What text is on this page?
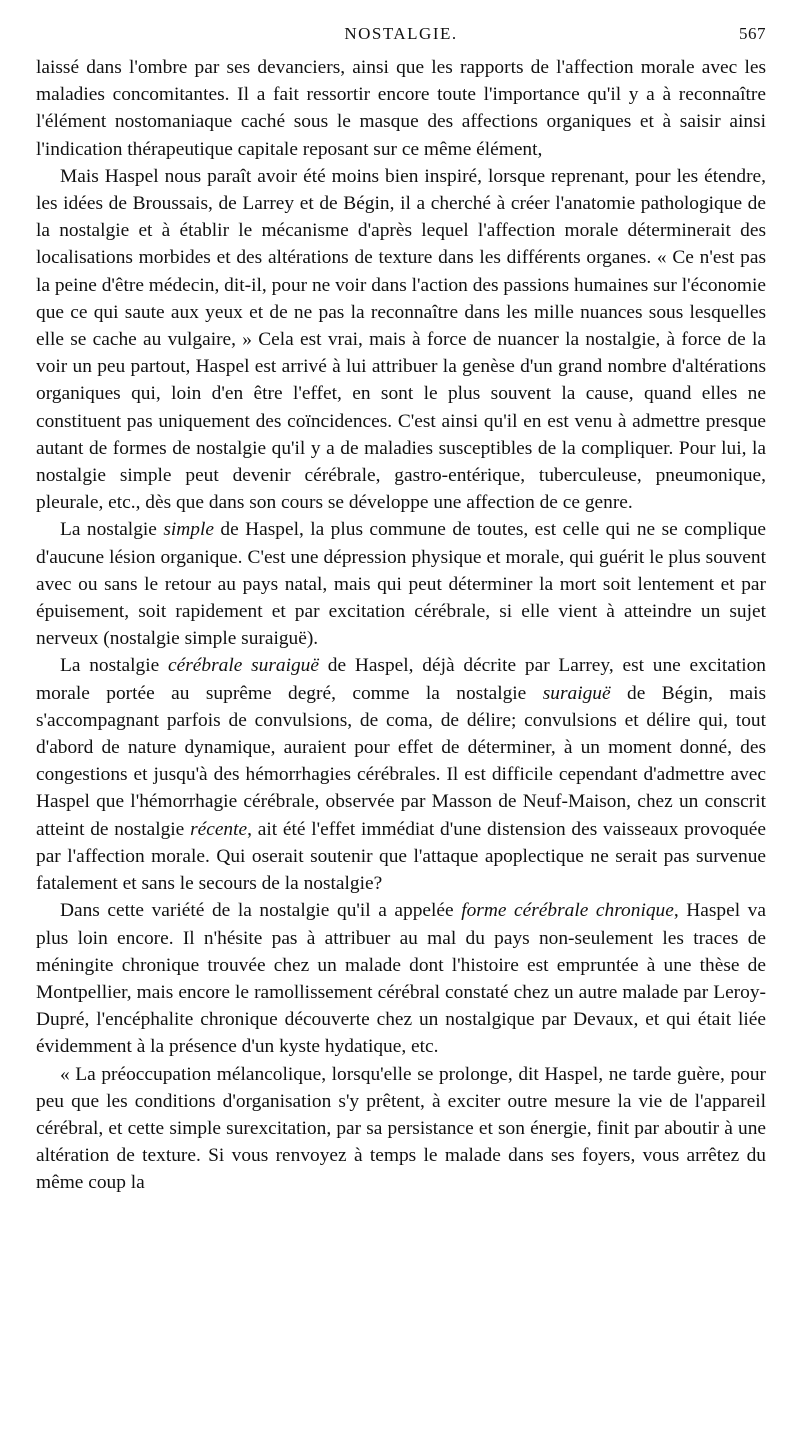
NOSTALGIE.	567

laissé dans l'ombre par ses devanciers, ainsi que les rapports de l'affection morale avec les maladies concomitantes. Il a fait ressortir encore toute l'importance qu'il y a à reconnaître l'élément nostomaniaque caché sous le masque des affections organiques et à saisir ainsi l'indication thérapeutique capitale reposant sur ce même élément,

Mais Haspel nous paraît avoir été moins bien inspiré, lorsque reprenant, pour les étendre, les idées de Broussais, de Larrey et de Bégin, il a cherché à créer l'anatomie pathologique de la nostalgie et à établir le mécanisme d'après lequel l'affection morale déterminerait des localisations morbides et des altérations de texture dans les différents organes. « Ce n'est pas la peine d'être médecin, dit-il, pour ne voir dans l'action des passions humaines sur l'économie que ce qui saute aux yeux et de ne pas la reconnaître dans les mille nuances sous lesquelles elle se cache au vulgaire, » Cela est vrai, mais à force de nuancer la nostalgie, à force de la voir un peu partout, Haspel est arrivé à lui attribuer la genèse d'un grand nombre d'altérations organiques qui, loin d'en être l'effet, en sont le plus souvent la cause, quand elles ne constituent pas uniquement des coïncidences. C'est ainsi qu'il en est venu à admettre presque autant de formes de nostalgie qu'il y a de maladies susceptibles de la compliquer. Pour lui, la nostalgie simple peut devenir cérébrale, gastro-entérique, tuberculeuse, pneumonique, pleurale, etc., dès que dans son cours se développe une affection de ce genre.

La nostalgie simple de Haspel, la plus commune de toutes, est celle qui ne se complique d'aucune lésion organique. C'est une dépression physique et morale, qui guérit le plus souvent avec ou sans le retour au pays natal, mais qui peut déterminer la mort soit lentement et par épuisement, soit rapidement et par excitation cérébrale, si elle vient à atteindre un sujet nerveux (nostalgie simple suraiguë).

La nostalgie cérébrale suraiguë de Haspel, déjà décrite par Larrey, est une excitation morale portée au suprême degré, comme la nostalgie suraiguë de Bégin, mais s'accompagnant parfois de convulsions, de coma, de délire; convulsions et délire qui, tout d'abord de nature dynamique, auraient pour effet de déterminer, à un moment donné, des congestions et jusqu'à des hémorrhagies cérébrales. Il est difficile cependant d'admettre avec Haspel que l'hémorrhagie cérébrale, observée par Masson de Neuf-Maison, chez un conscrit atteint de nostalgie récente, ait été l'effet immédiat d'une distension des vaisseaux provoquée par l'affection morale. Qui oserait soutenir que l'attaque apoplectique ne serait pas survenue fatalement et sans le secours de la nostalgie?

Dans cette variété de la nostalgie qu'il a appelée forme cérébrale chronique, Haspel va plus loin encore. Il n'hésite pas à attribuer au mal du pays non-seulement les traces de méningite chronique trouvée chez un malade dont l'histoire est empruntée à une thèse de Montpellier, mais encore le ramollissement cérébral constaté chez un autre malade par Leroy-Dupré, l'encéphalite chronique découverte chez un nostalgique par Devaux, et qui était liée évidemment à la présence d'un kyste hydatique, etc.

« La préoccupation mélancolique, lorsqu'elle se prolonge, dit Haspel, ne tarde guère, pour peu que les conditions d'organisation s'y prêtent, à exciter outre mesure la vie de l'appareil cérébral, et cette simple surexcitation, par sa persistance et son énergie, finit par aboutir à une altération de texture. Si vous renvoyez à temps le malade dans ses foyers, vous arrêtez du même coup la
